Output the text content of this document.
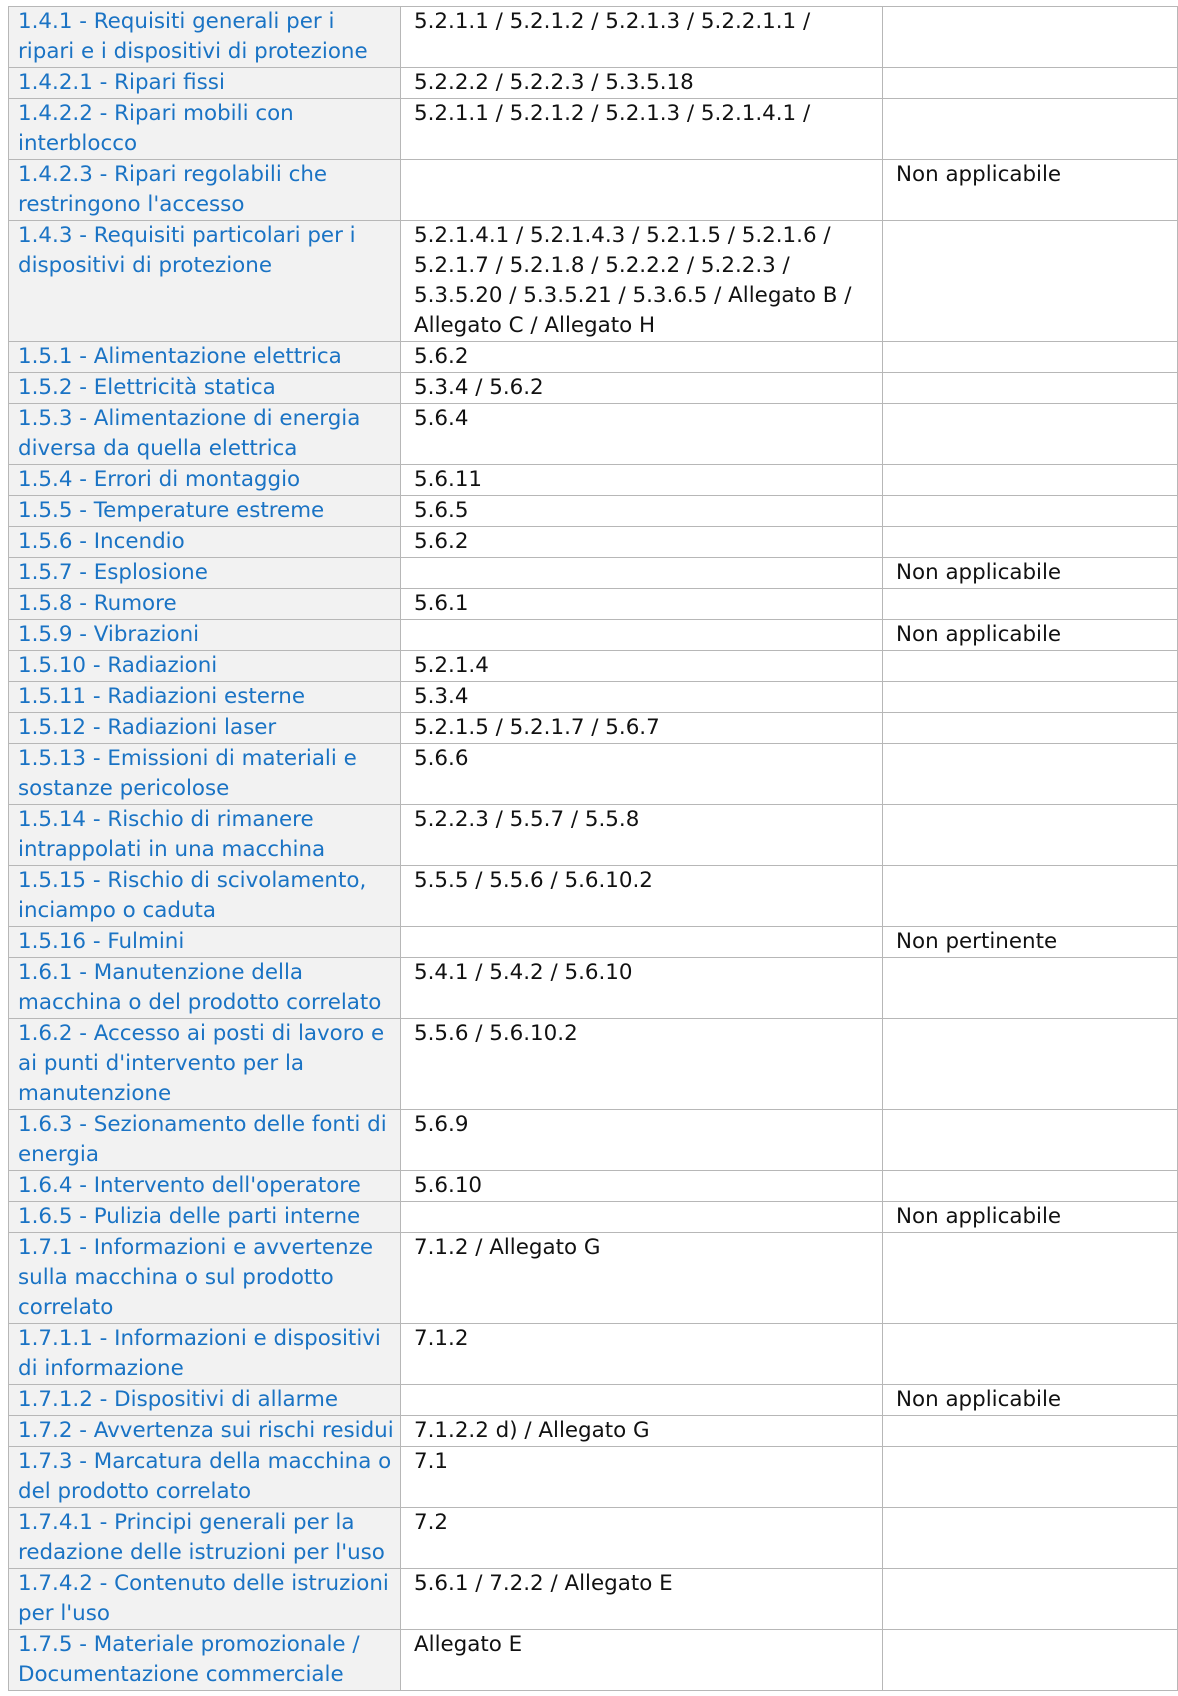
1.4.1 - Requisiti generali per i ripari e i dispositivi di protezione	5.2.1.1 / 5.2.1.2 / 5.2.1.3 / 5.2.2.1.1 /	
1.4.2.1 - Ripari fissi	5.2.2.2 / 5.2.2.3 / 5.3.5.18	
1.4.2.2 - Ripari mobili con interblocco	5.2.1.1 / 5.2.1.2 / 5.2.1.3 / 5.2.1.4.1 /	
1.4.2.3 - Ripari regolabili che restringono l'accesso		Non applicabile
1.4.3 - Requisiti particolari per i dispositivi di protezione	5.2.1.4.1 / 5.2.1.4.3 / 5.2.1.5 / 5.2.1.6 / 5.2.1.7 / 5.2.1.8 / 5.2.2.2 / 5.2.2.3 / 5.3.5.20 / 5.3.5.21 / 5.3.6.5 / Allegato B / Allegato C / Allegato H	
1.5.1 - Alimentazione elettrica	5.6.2	
1.5.2 - Elettricità statica	5.3.4 / 5.6.2	
1.5.3 - Alimentazione di energia diversa da quella elettrica	5.6.4	
1.5.4 - Errori di montaggio	5.6.11	
1.5.5 - Temperature estreme	5.6.5	
1.5.6 - Incendio	5.6.2	
1.5.7 - Esplosione		Non applicabile
1.5.8 - Rumore	5.6.1	
1.5.9 - Vibrazioni		Non applicabile
1.5.10 - Radiazioni	5.2.1.4	
1.5.11 - Radiazioni esterne	5.3.4	
1.5.12 - Radiazioni laser	5.2.1.5 / 5.2.1.7 / 5.6.7	
1.5.13 - Emissioni di materiali e sostanze pericolose	5.6.6	
1.5.14 - Rischio di rimanere intrappolati in una macchina	5.2.2.3 / 5.5.7 / 5.5.8	
1.5.15 - Rischio di scivolamento, inciampo o caduta	5.5.5 / 5.5.6 / 5.6.10.2	
1.5.16 - Fulmini		Non pertinente
1.6.1 - Manutenzione della macchina o del prodotto correlato	5.4.1 / 5.4.2 / 5.6.10	
1.6.2 - Accesso ai posti di lavoro e ai punti d'intervento per la manutenzione	5.5.6 / 5.6.10.2	
1.6.3 - Sezionamento delle fonti di energia	5.6.9	
1.6.4 - Intervento dell'operatore	5.6.10	
1.6.5 - Pulizia delle parti interne		Non applicabile
1.7.1 - Informazioni e avvertenze sulla macchina o sul prodotto correlato	7.1.2 / Allegato G	
1.7.1.1 - Informazioni e dispositivi di informazione	7.1.2	
1.7.1.2 - Dispositivi di allarme		Non applicabile
1.7.2 - Avvertenza sui rischi residui	7.1.2.2 d) / Allegato G	
1.7.3 - Marcatura della macchina o del prodotto correlato	7.1	
1.7.4.1 - Principi generali per la redazione delle istruzioni per l'uso	7.2	
1.7.4.2 - Contenuto delle istruzioni per l'uso	5.6.1 / 7.2.2 / Allegato E	
1.7.5 - Materiale promozionale / Documentazione commerciale	Allegato E	
